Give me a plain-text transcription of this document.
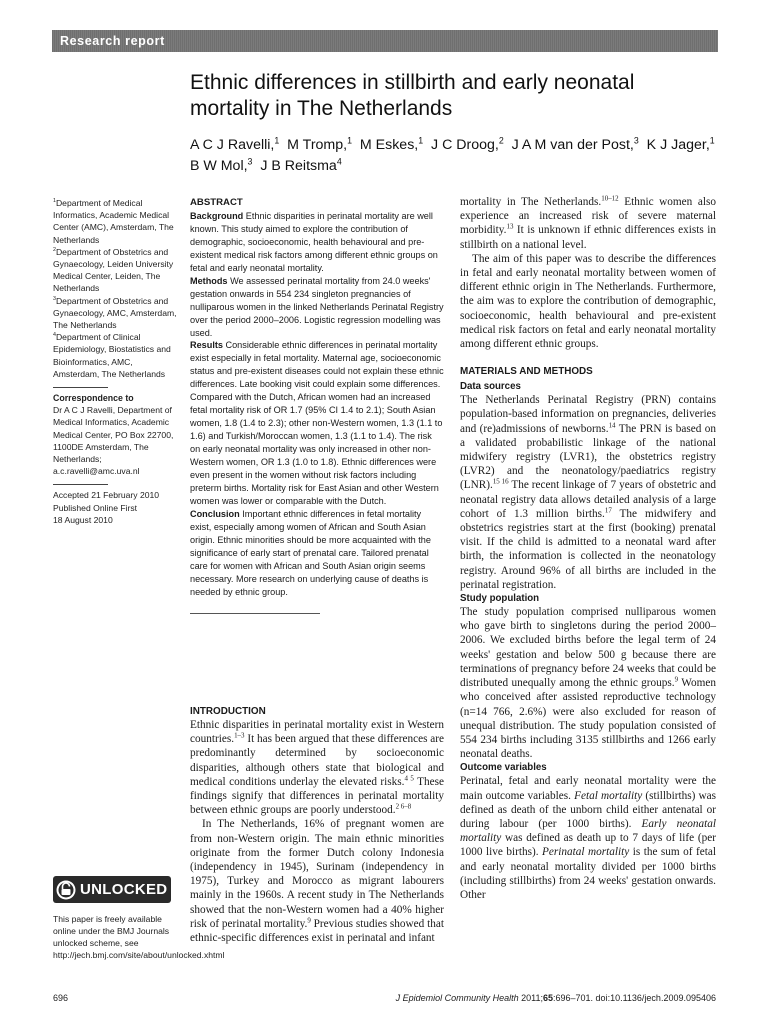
Research report
Ethnic differences in stillbirth and early neonatal mortality in The Netherlands
A C J Ravelli,$^1$ M Tromp,$^1$ M Eskes,$^1$ J C Droog,$^2$ J A M van der Post,$^3$ K J Jager,$^1$
B W Mol,$^3$ J B Reitsma$^4$

$^1$Department of Medical Informatics, Academic Medical Center (AMC), Amsterdam, The Netherlands

$^2$Department of Obstetrics and Gynaecology, Leiden University Medical Center, Leiden, The Netherlands

$^3$Department of Obstetrics and Gynaecology, AMC, Amsterdam, The Netherlands

$^4$Department of Clinical Epidemiology, Biostatistics and Bioinformatics, AMC, Amsterdam, The Netherlands

Correspondence to

Dr A C J Ravelli, Department of Medical Informatics, Academic Medical Center, PO Box 22700, 1100DE Amsterdam, The Netherlands; a.c.ravelli@amc.uva.nl

Accepted 21 February 2010

Published Online First

18 August 2010

UNLOCKED

This paper is freely available online under the BMJ Journals unlocked scheme, see http://jech.bmj.com/site/about/unlocked.xhtml

ABSTRACT

Background Ethnic disparities in perinatal mortality are well known. This study aimed to explore the contribution of demographic, socioeconomic, health behavioural and pre-existent medical risk factors among different ethnic groups on fetal and early neonatal mortality.

Methods We assessed perinatal mortality from 24.0 weeks' gestation onwards in 554 234 singleton pregnancies of nulliparous women in the linked Netherlands Perinatal Registry over the period 2000–2006. Logistic regression modelling was used.

Results Considerable ethnic differences in perinatal mortality exist especially in fetal mortality. Maternal age, socioeconomic status and pre-existent diseases could not explain these ethnic differences. Late booking visit could explain some differences. Compared with the Dutch, African women had an increased fetal mortality risk of OR 1.7 (95% CI 1.4 to 2.1); South Asian women, 1.8 (1.4 to 2.3); other non-Western women, 1.3 (1.1 to 1.6) and Turkish/Moroccan women, 1.3 (1.1 to 1.4). The risk on early neonatal mortality was only increased in other non-Western women, OR 1.3 (1.0 to 1.8). Ethnic differences were even present in the women without risk factors including preterm births. Mortality risk for East Asian and other Western women was lower or comparable with the Dutch.

Conclusion Important ethnic differences in fetal mortality exist, especially among women of African and South Asian origin. Ethnic minorities should be more acquainted with the significance of early start of prenatal care. Tailored prenatal care for women with African and South Asian origin seems necessary. More research on underlying cause of deaths is needed by ethnic group.

INTRODUCTION

Ethnic disparities in perinatal mortality exist in Western countries.$^{1-3}$ It has been argued that these differences are predominantly determined by socioeconomic disparities, although others state that biological and medical conditions underlay the elevated risks.$^{4 5}$ These findings signify that differences in perinatal mortality between ethnic groups are poorly understood.$^{2 6-8}$

In The Netherlands, 16% of pregnant women are from non-Western origin. The main ethnic minorities originate from the former Dutch colony Indonesia (independency in 1945), Surinam (independency in 1975), Turkey and Morocco as migrant labourers mainly in the 1960s. A recent study in The Netherlands showed that the non-Western women had a 40% higher risk of perinatal mortality.$^9$ Previous studies showed that ethnic-specific differences exist in perinatal and infant

mortality in The Netherlands.$^{10-12}$ Ethnic women also experience an increased risk of severe maternal morbidity.$^{13}$ It is unknown if ethnic differences exists in stillbirth on a national level.

The aim of this paper was to describe the differences in fetal and early neonatal mortality between women of different ethnic origin in The Netherlands. Furthermore, the aim was to explore the contribution of demographic, socioeconomic, health behavioural and pre-existent medical risk factors on fetal and early neonatal mortality among different ethnic groups.

MATERIALS AND METHODS

Data sources

The Netherlands Perinatal Registry (PRN) contains population-based information on pregnancies, deliveries and (re)admissions of newborns.$^{14}$ The PRN is based on a validated probabilistic linkage of the national midwifery registry (LVR1), the obstetrics registry (LVR2) and the neonatology/paediatrics registry (LNR).$^{15 16}$ The recent linkage of 7 years of obstetric and neonatal registry data allows detailed analysis of a large cohort of 1.3 million births.$^{17}$ The midwifery and obstetrics registries start at the first (booking) prenatal visit. If the child is admitted to a neonatal ward after birth, the information is collected in the neonatology registry. Around 96% of all births are included in the perinatal registration.

Study population

The study population comprised nulliparous women who gave birth to singletons during the period 2000–2006. We excluded births before the legal term of 24 weeks' gestation and below 500 g because there are terminations of pregnancy before 24 weeks that could be distributed unequally among the ethnic groups.$^9$ Women who conceived after assisted reproductive technology (n=14 766, 2.6%) were also excluded for reason of unequal distribution. The study population consisted of 554 234 births including 3135 stillbirths and 1266 early neonatal deaths.

Outcome variables

Perinatal, fetal and early neonatal mortality were the main outcome variables. Fetal mortality (stillbirths) was defined as death of the unborn child either antenatal or during labour (per 1000 births). Early neonatal mortality was defined as death up to 7 days of life (per 1000 live births). Perinatal mortality is the sum of fetal and early neonatal mortality divided per 1000 births (including stillbirths) from 24 weeks' gestation onwards. Other

696	J Epidemiol Community Health 2011;65:696–701. doi:10.1136/jech.2009.095406
